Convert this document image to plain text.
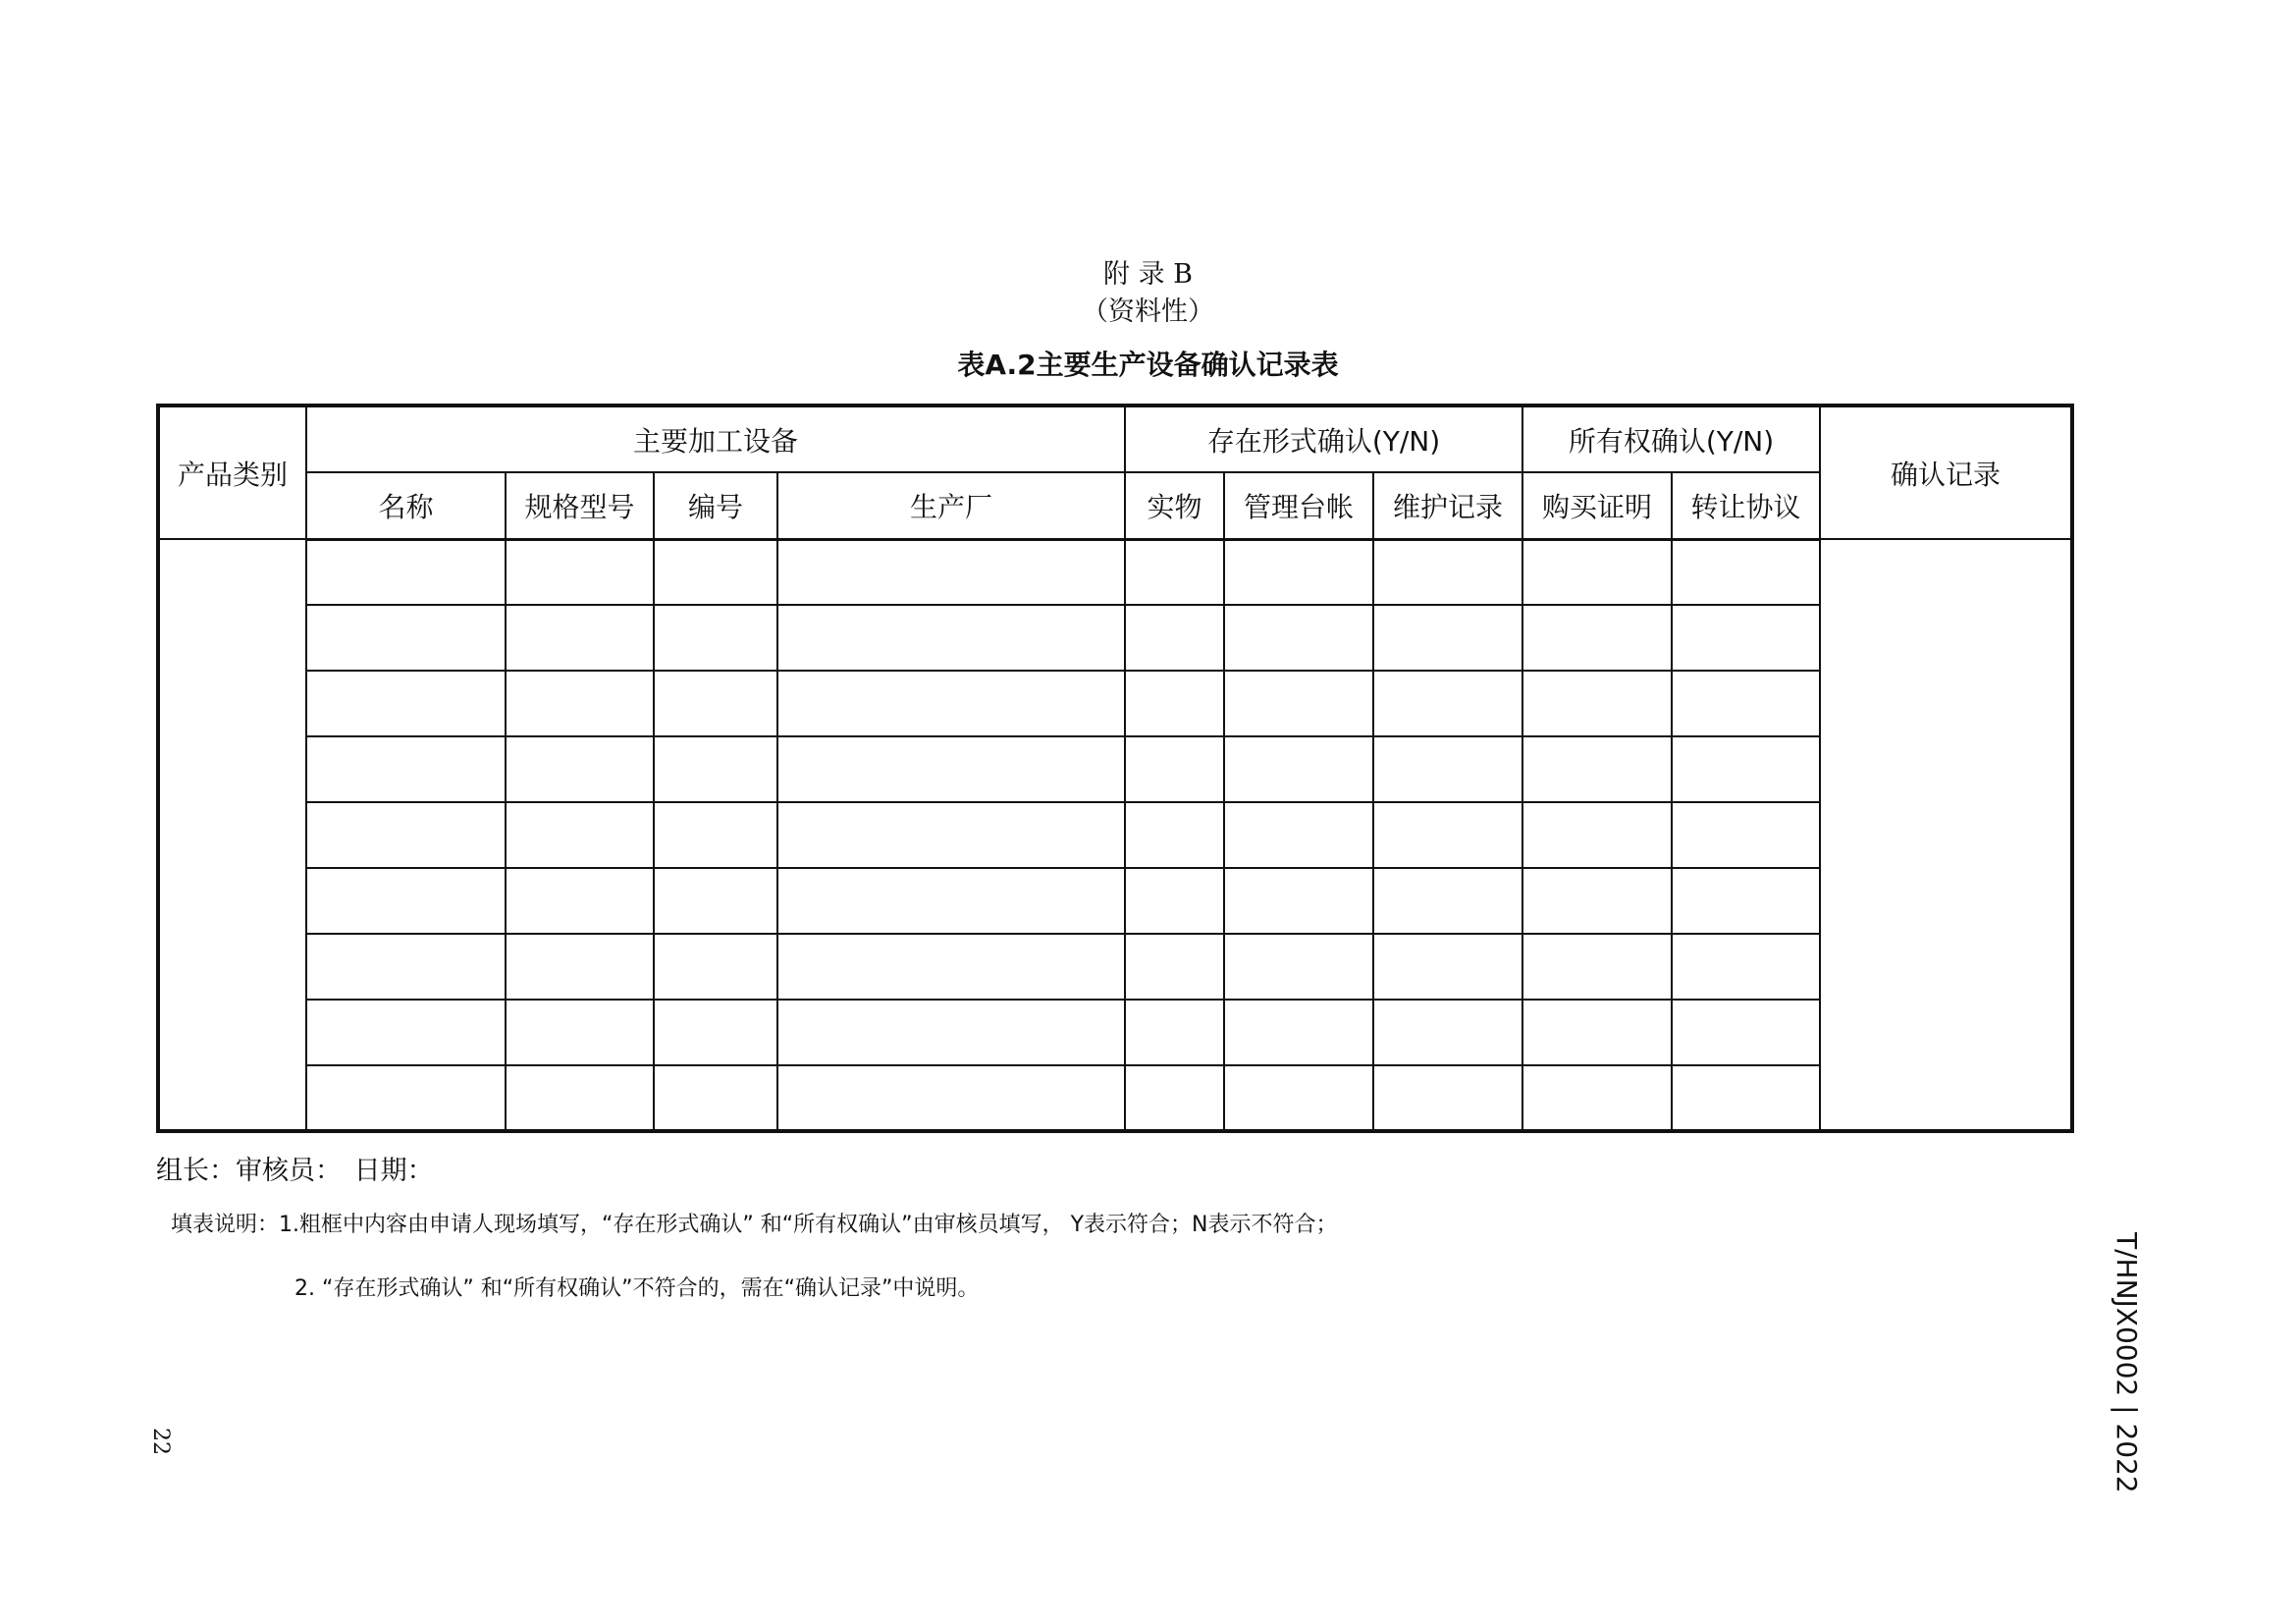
附 录 B
（资料性）
表A.2主要生产设备确认记录表
产品类别	主要加工设备				存在形式确认(Y/N)			所有权确认(Y/N)		确认记录
	名称	规格型号	编号	生产厂	实物	管理台帐	维护记录	购买证明	转让协议	

组长：审核员： 日期：
填表说明：1.粗框中内容由申请人现场填写，“存在形式确认” 和“所有权确认”由审核员填写， Y表示符合；N表示不符合；
2. “存在形式确认” 和“所有权确认”不符合的，需在“确认记录”中说明。
22	T/HNJX0002 | 2022
